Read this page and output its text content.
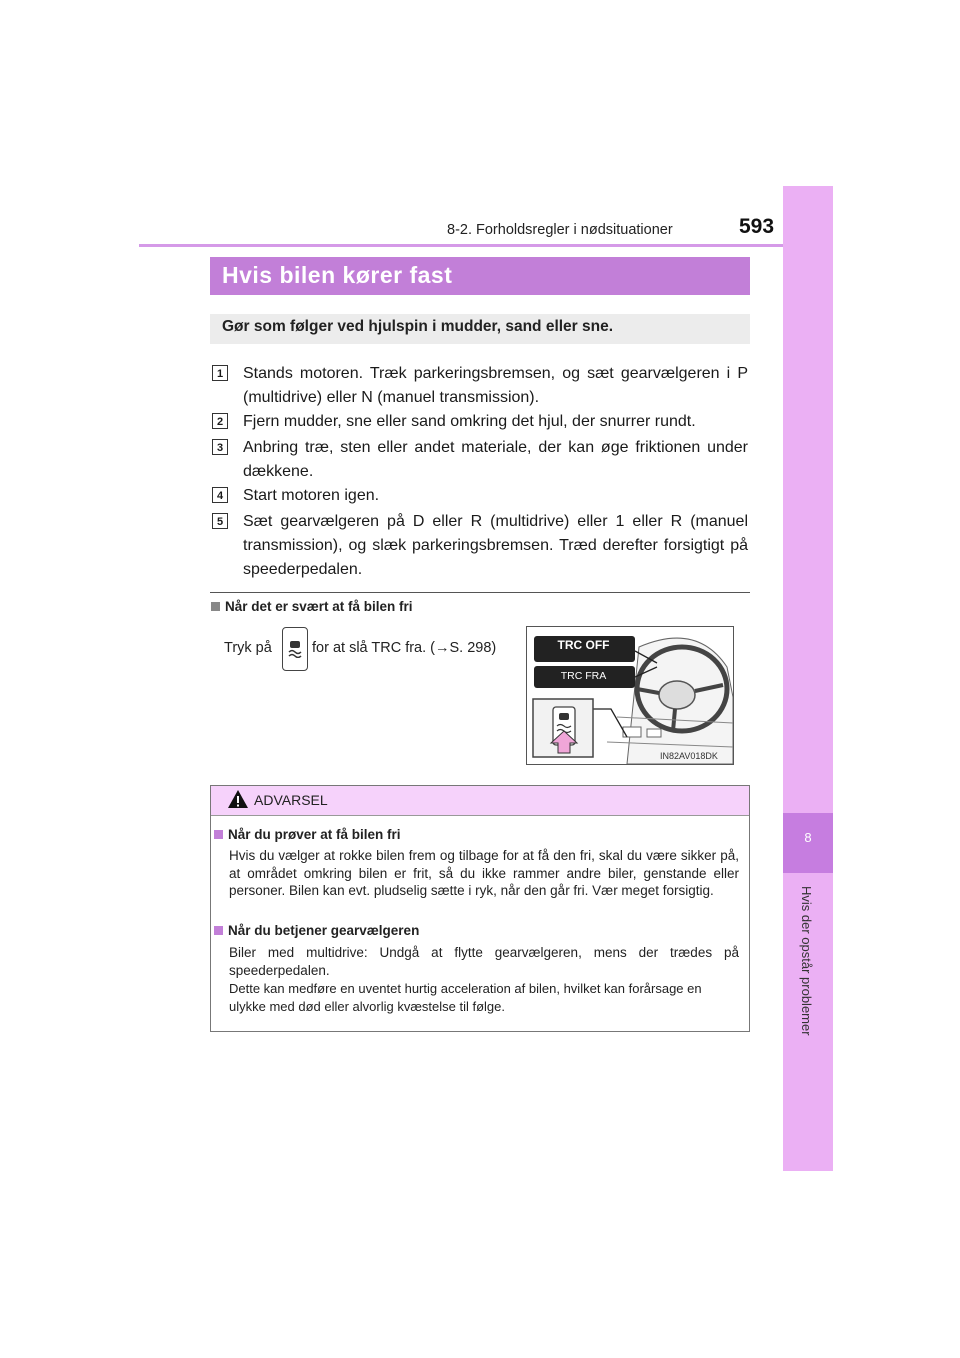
8-2. Forholdsregler i nødsituationer	593
8
Hvis der opstår problemer
Hvis bilen kører fast
Gør som følger ved hjulspin i mudder, sand eller sne.
1	Stands motoren. Træk parkeringsbremsen, og sæt gearvælgeren i P (multidrive) eller N (manuel transmission).
2	Fjern mudder, sne eller sand omkring det hjul, der snurrer rundt.
3	Anbring træ, sten eller andet materiale, der kan øge friktionen under dækkene.
4	Start motoren igen.
5	Sæt gearvælgeren på D eller R (multidrive) eller 1 eller R (manuel transmission), og slæk parkeringsbremsen. Træd derefter forsigtigt på speederpedalen.
Når det er svært at få bilen fri
Tryk på	for at slå TRC fra. (→S. 298)	TRC OFF
TRC FRA
IN82AV018DK
ADVARSEL
Når du prøver at få bilen fri
Hvis du vælger at rokke bilen frem og tilbage for at få den fri, skal du være sikker på, at området omkring bilen er frit, så du ikke rammer andre biler, genstande eller personer. Bilen kan evt. pludselig sætte i ryk, når den går fri. Vær meget forsigtig.
Når du betjener gearvælgeren
Biler med multidrive: Undgå at flytte gearvælgeren, mens der trædes på speederpedalen.
Dette kan medføre en uventet hurtig acceleration af bilen, hvilket kan forårsage en ulykke med død eller alvorlig kvæstelse til følge.
